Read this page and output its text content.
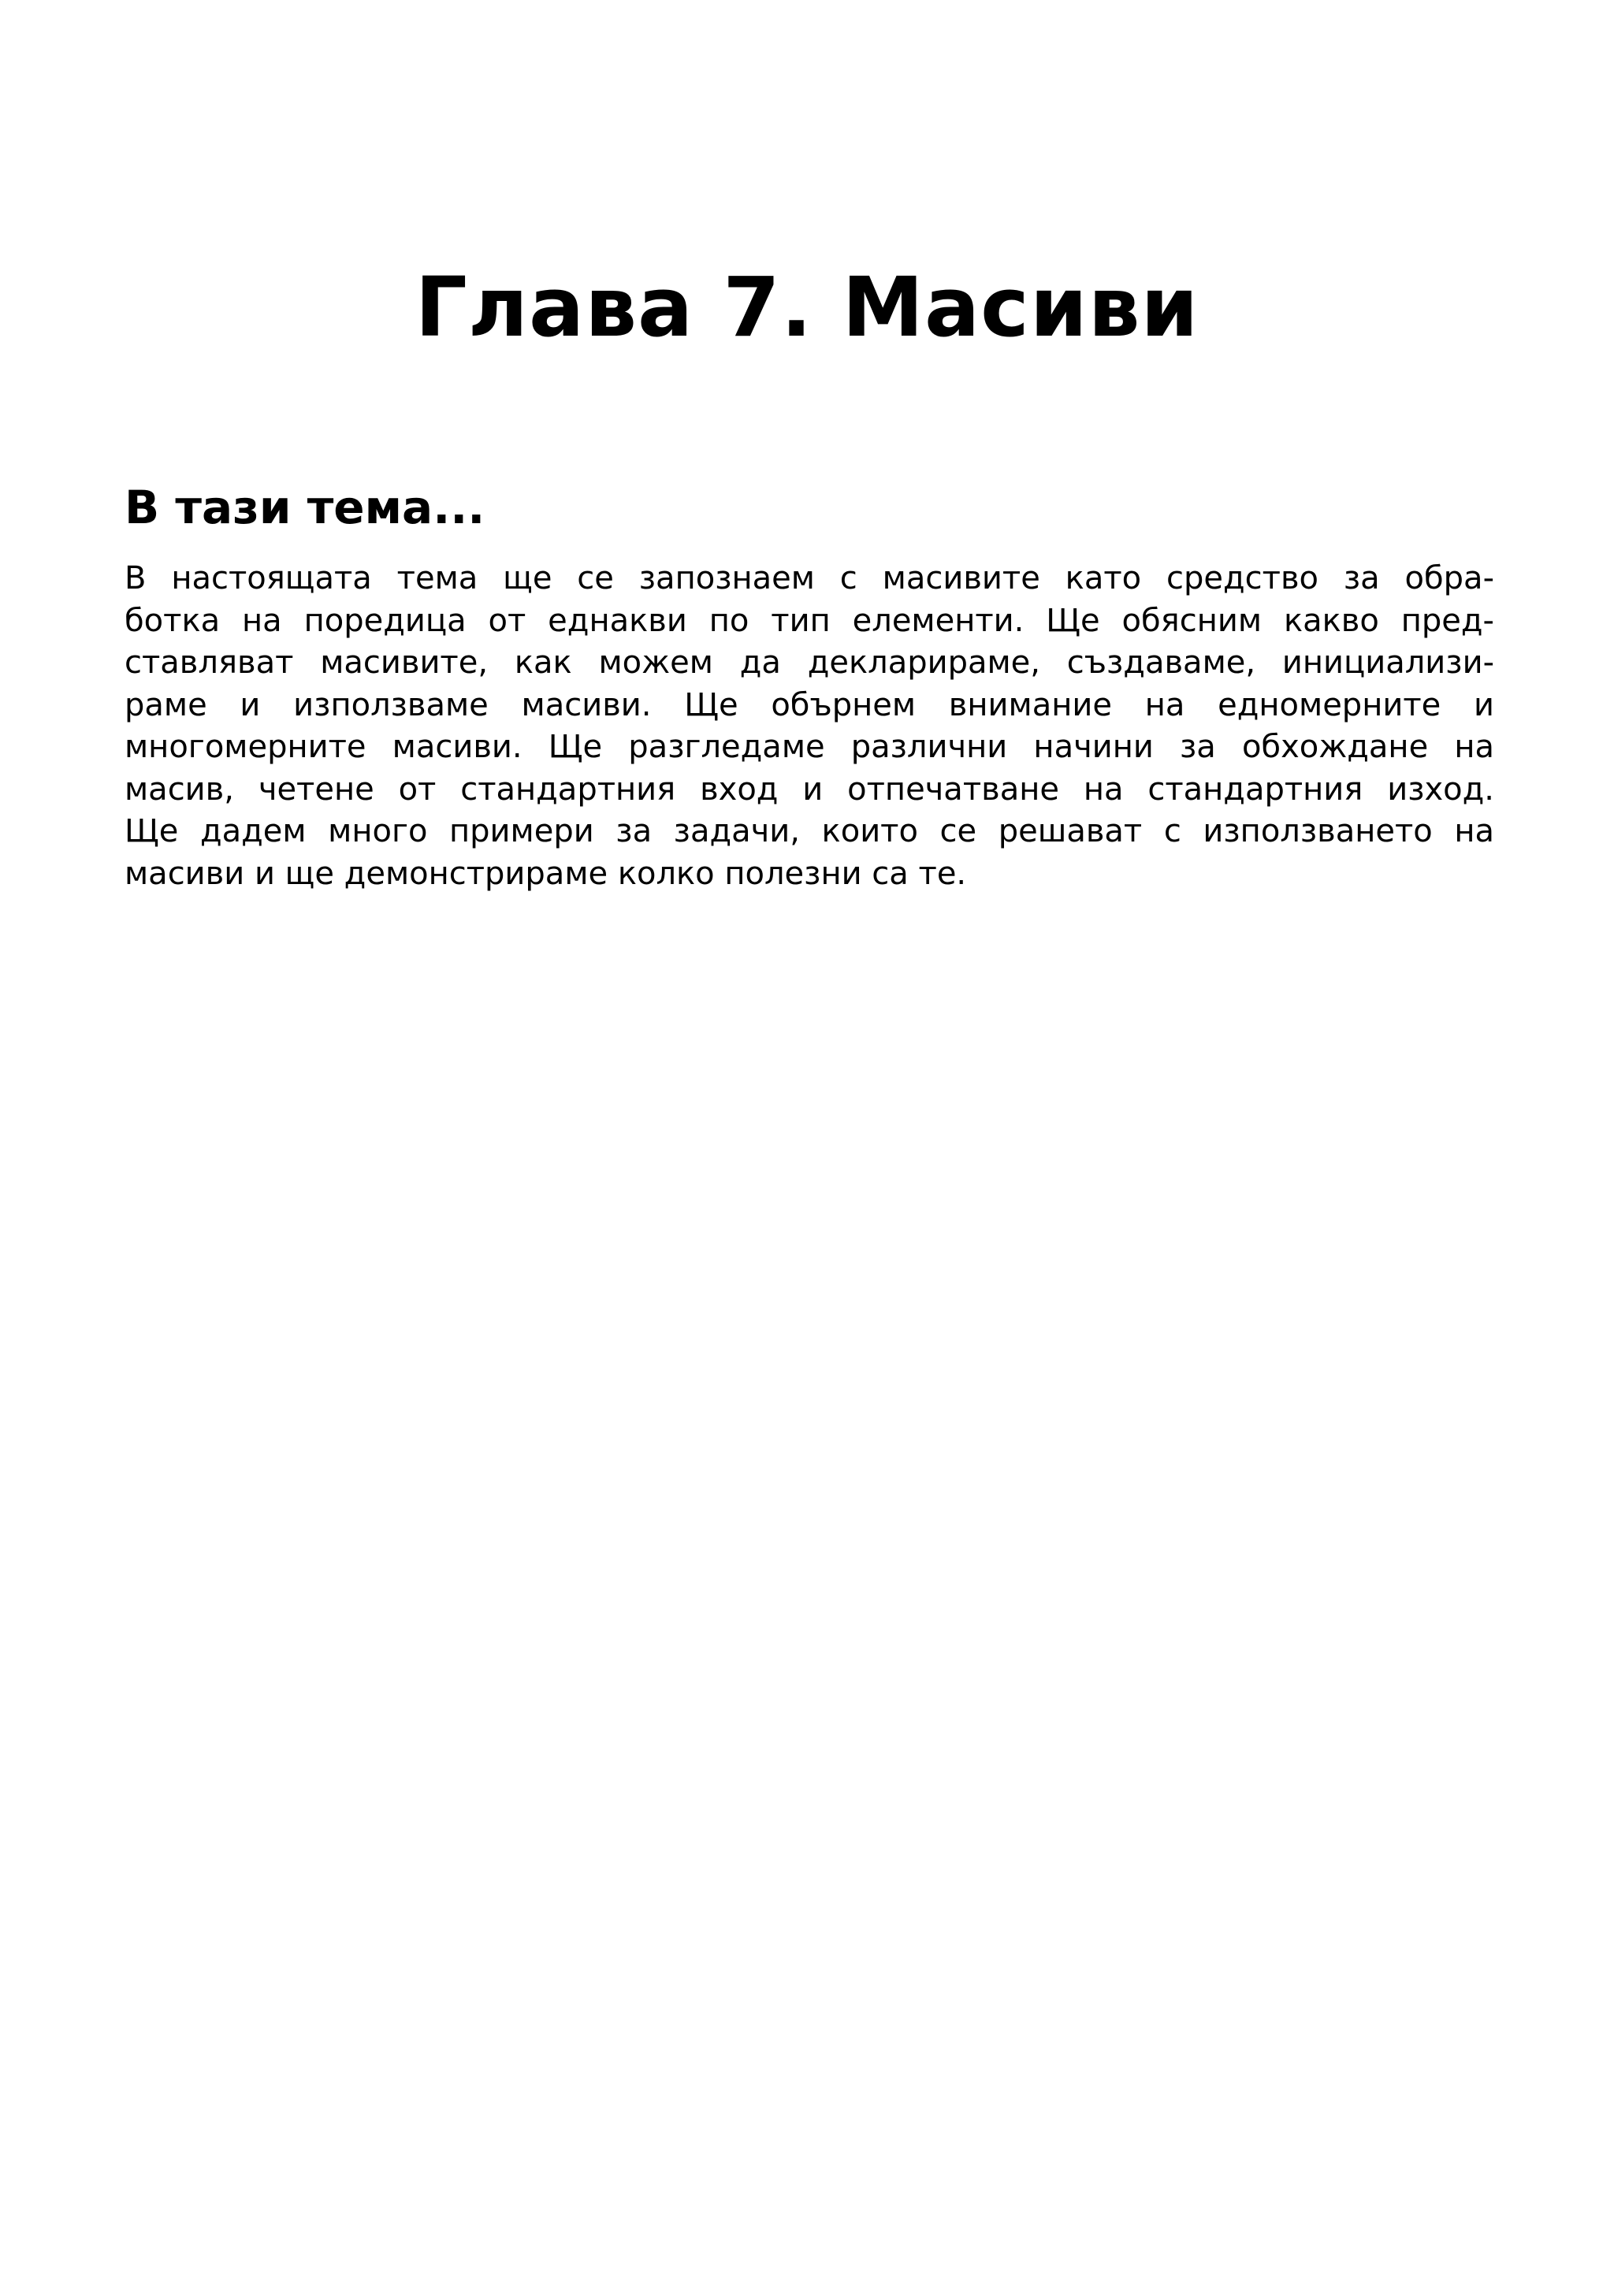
Глава 7. Масиви
В тази тема...
В настоящата тема ще се запознаем с масивите като средство за обра-
ботка на поредица от еднакви по тип елементи. Ще обясним какво пред-
ставляват масивите, как можем да декларираме, създаваме, инициализи-
раме и използваме масиви. Ще обърнем внимание на едномерните и
многомерните масиви. Ще разгледаме различни начини за обхождане на
масив, четене от стандартния вход и отпечатване на стандартния изход.
Ще дадем много примери за задачи, които се решават с използването на
масиви и ще демонстрираме колко полезни са те.
